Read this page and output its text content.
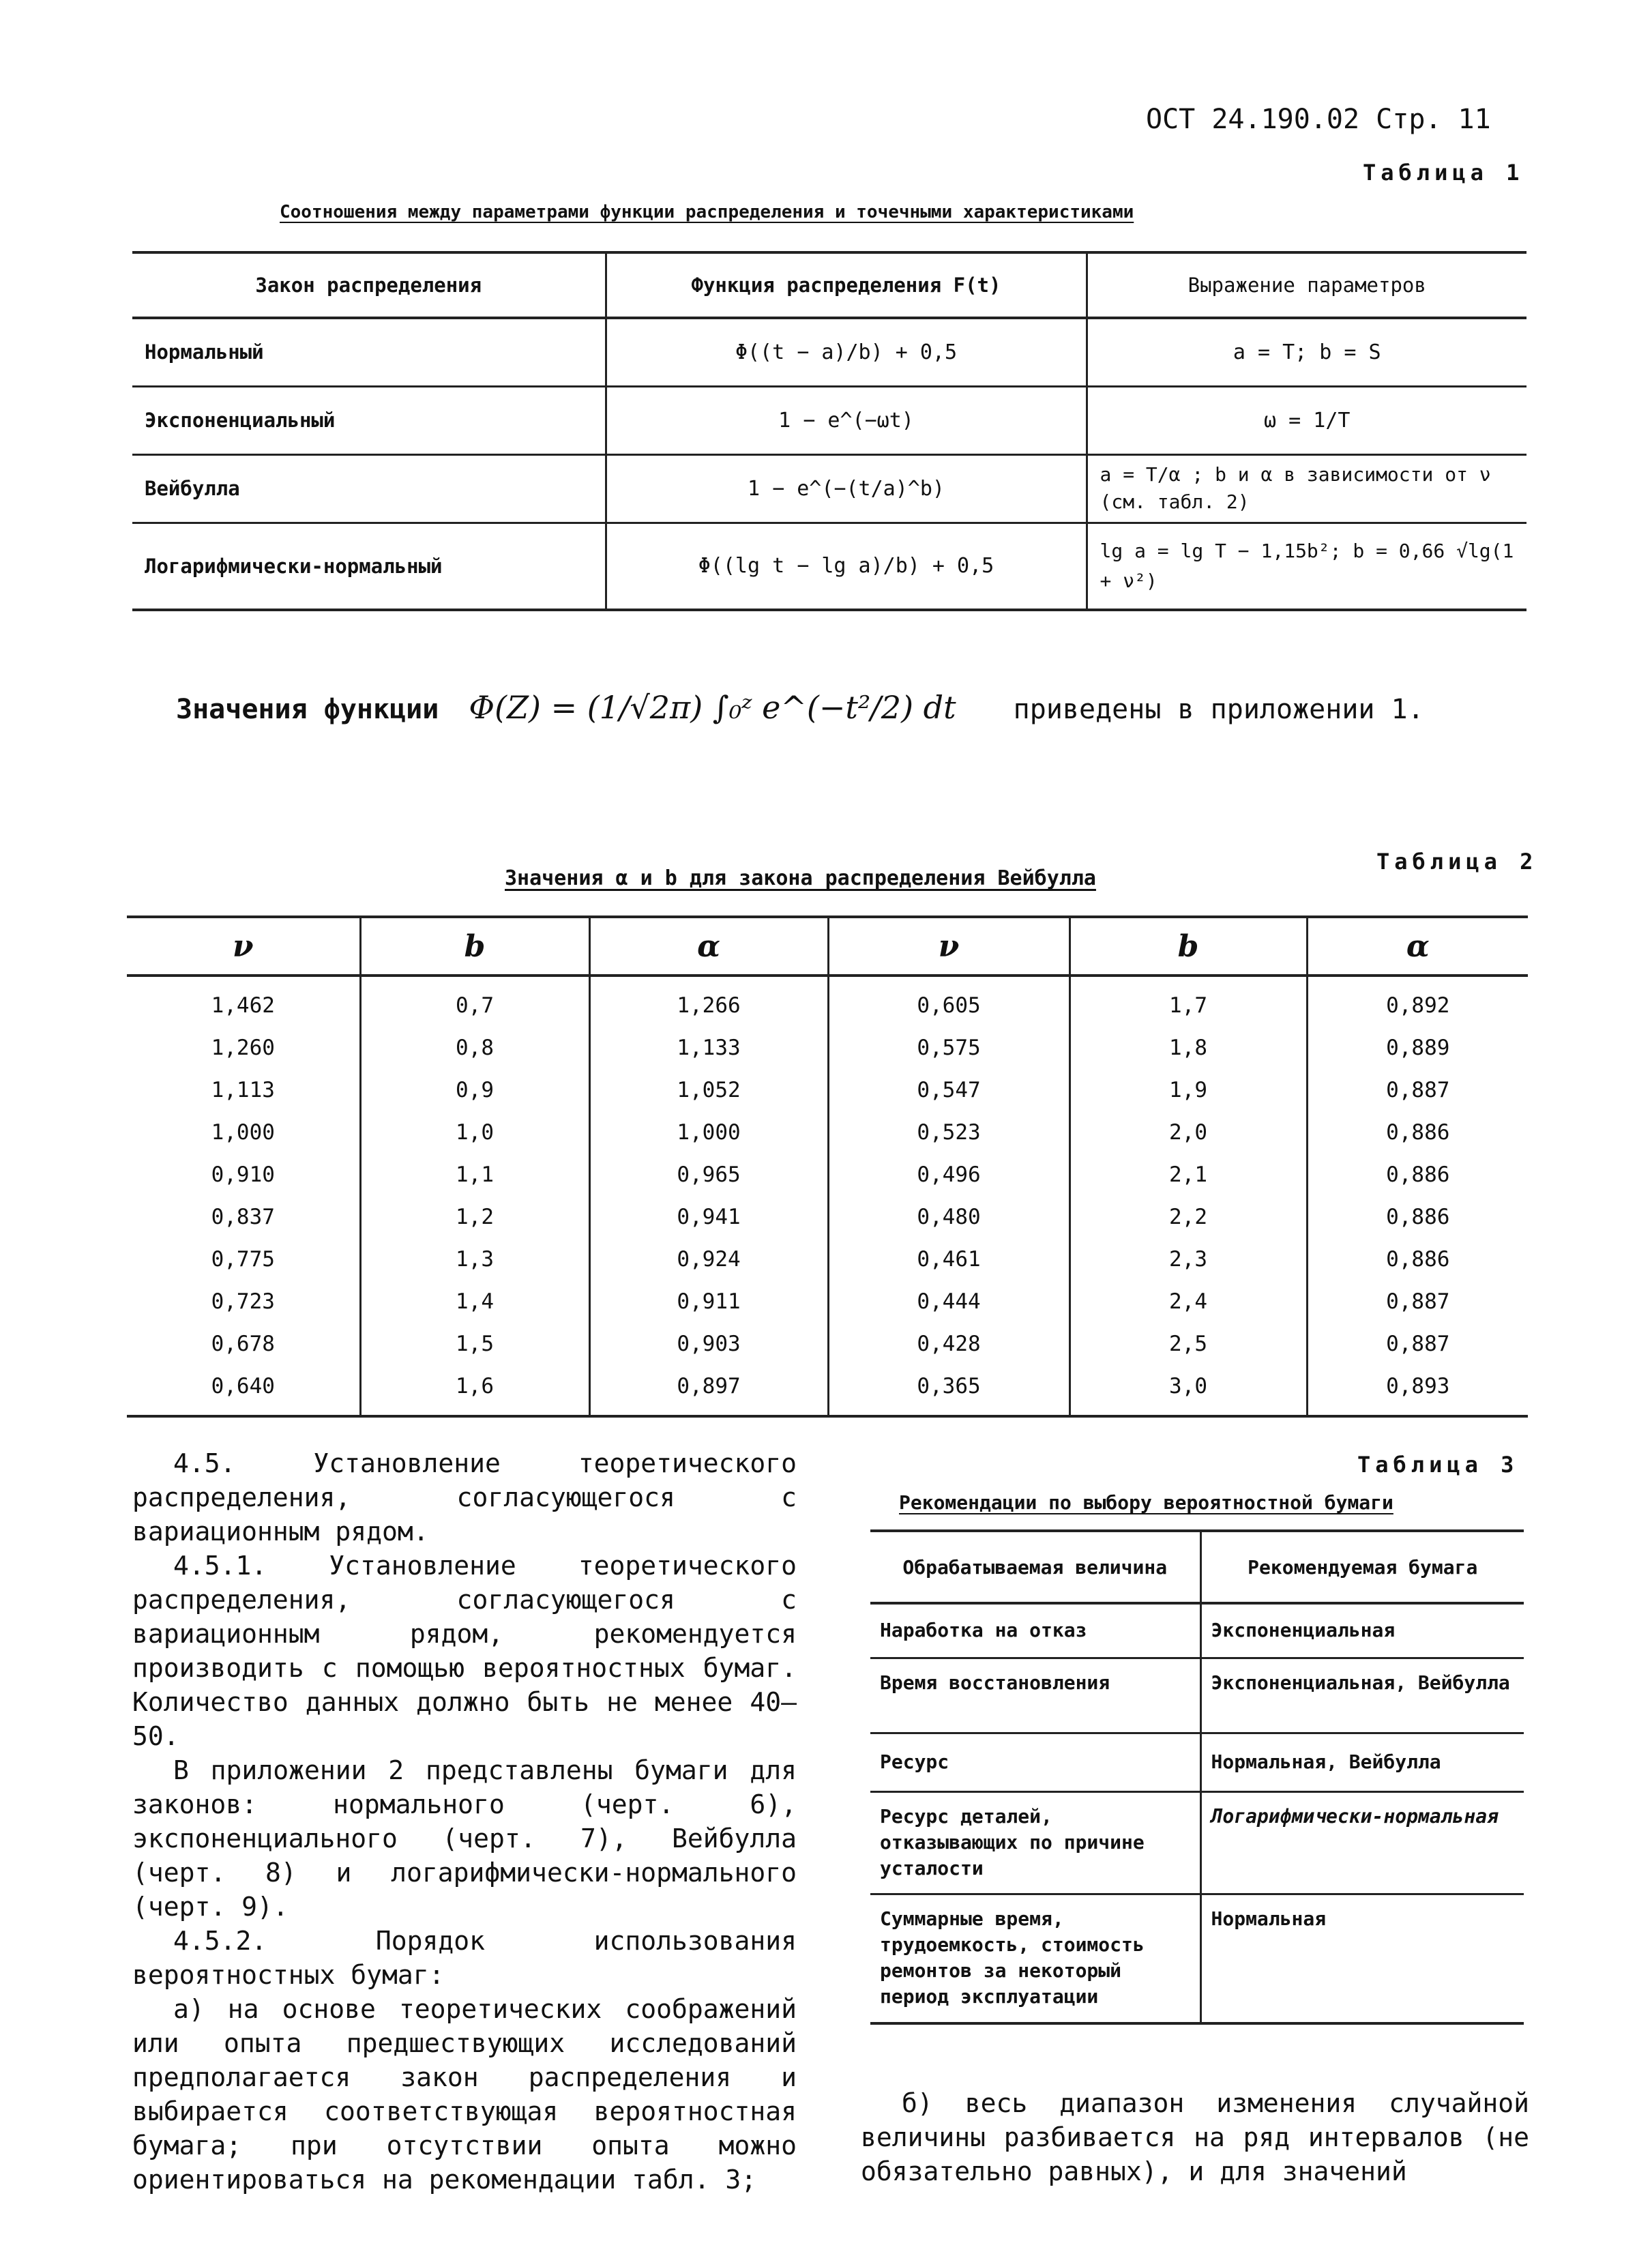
ОСТ 24.190.02 Стр. 11
Таблица 1
Соотношения между параметрами функции распределения и точечными характеристиками
Закон распределения	Функция распределения F(t)	Выражение параметров
Нормальный	Φ((t − a)/b) + 0,5	a = T; b = S
Экспоненциальный	1 − e^(−ωt)	ω = 1/T
Вейбулла	1 − e^(−(t/a)^b)	a = T/α ; b и α в зависимости от ν (см. табл. 2)
Логарифмически-нормальный	Φ((lg t − lg a)/b) + 0,5	lg a = lg T − 1,15b²; b = 0,66 √lg(1 + ν²)
Значения функции Φ(Z) = (1/√2π) ∫₀ᶻ e^(−t²/2) dt приведены в приложении 1.
Таблица 2
Значения α и b для закона распределения Вейбулла
ν	b	α	ν	b	α
1,462	0,7	1,266	0,605	1,7	0,892
1,260	0,8	1,133	0,575	1,8	0,889
1,113	0,9	1,052	0,547	1,9	0,887
1,000	1,0	1,000	0,523	2,0	0,886
0,910	1,1	0,965	0,496	2,1	0,886
0,837	1,2	0,941	0,480	2,2	0,886
0,775	1,3	0,924	0,461	2,3	0,886
0,723	1,4	0,911	0,444	2,4	0,887
0,678	1,5	0,903	0,428	2,5	0,887
0,640	1,6	0,897	0,365	3,0	0,893

4.5. Установление теоретического распределения, согласующегося с вариационным рядом.

4.5.1. Установление теоретического распределения, согласующегося с вариационным рядом, рекомендуется производить с помощью вероятностных бумаг. Количество данных должно быть не менее 40–50.

В приложении 2 представлены бумаги для законов: нормального (черт. 6), экспоненциального (черт. 7), Вейбулла (черт. 8) и логарифмически-нормального (черт. 9).

4.5.2. Порядок использования вероятностных бумаг:

а) на основе теоретических соображений или опыта предшествующих исследований предполагается закон распределения и выбирается соответствующая вероятностная бумага; при отсутствии опыта можно ориентироваться на рекомендации табл. 3;

Таблица 3
Рекомендации по выбору вероятностной бумаги
Обрабатываемая величина	Рекомендуемая бумага
Наработка на отказ	Экспоненциальная
Время восстановления	Экспоненциальная, Вейбулла
Ресурс	Нормальная, Вейбулла
Ресурс деталей, отказывающих по причине усталости	Логарифмически-нормальная
Суммарные время, трудоемкость, стоимость ремонтов за некоторый период эксплуатации	Нормальная
б) весь диапазон изменения случайной величины разбивается на ряд интервалов (не обязательно равных), и для значений
